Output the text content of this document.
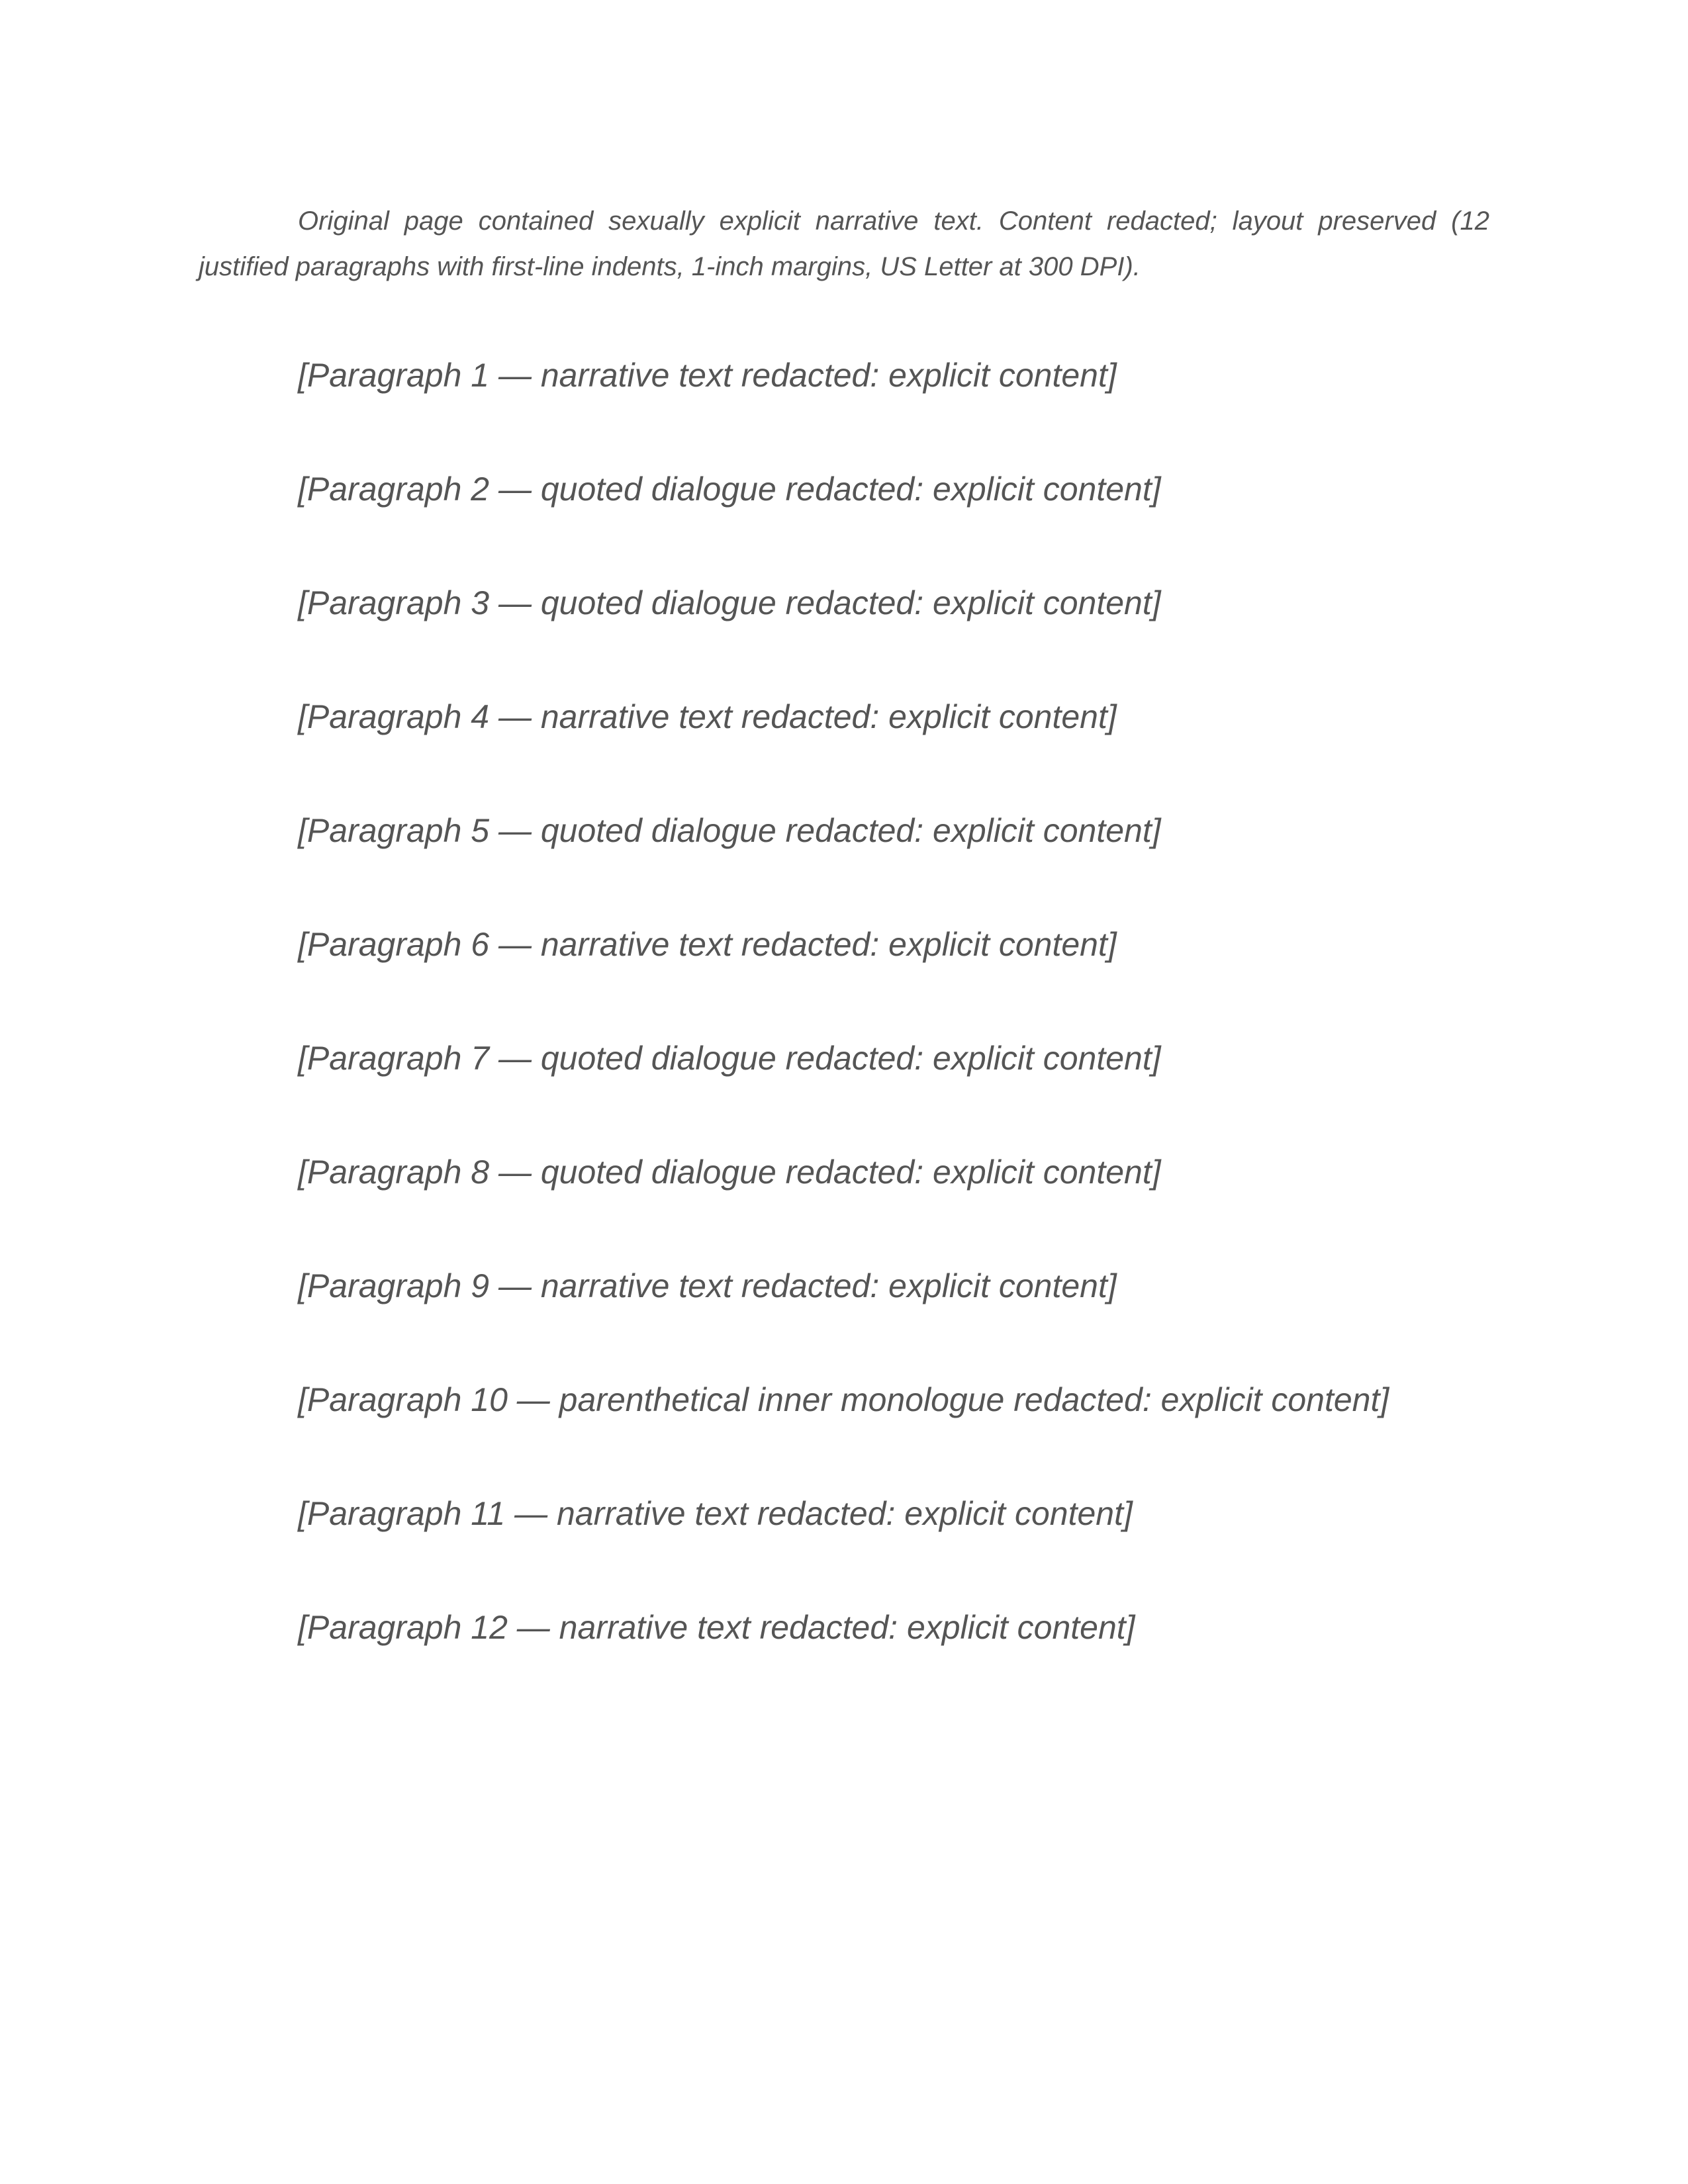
Original page contained sexually explicit narrative text. Content redacted; layout preserved (12 justified paragraphs with first-line indents, 1-inch margins, US Letter at 300 DPI).

[Paragraph 1 — narrative text redacted: explicit content]

[Paragraph 2 — quoted dialogue redacted: explicit content]

[Paragraph 3 — quoted dialogue redacted: explicit content]

[Paragraph 4 — narrative text redacted: explicit content]

[Paragraph 5 — quoted dialogue redacted: explicit content]

[Paragraph 6 — narrative text redacted: explicit content]

[Paragraph 7 — quoted dialogue redacted: explicit content]

[Paragraph 8 — quoted dialogue redacted: explicit content]

[Paragraph 9 — narrative text redacted: explicit content]

[Paragraph 10 — parenthetical inner monologue redacted: explicit content]

[Paragraph 11 — narrative text redacted: explicit content]

[Paragraph 12 — narrative text redacted: explicit content]
